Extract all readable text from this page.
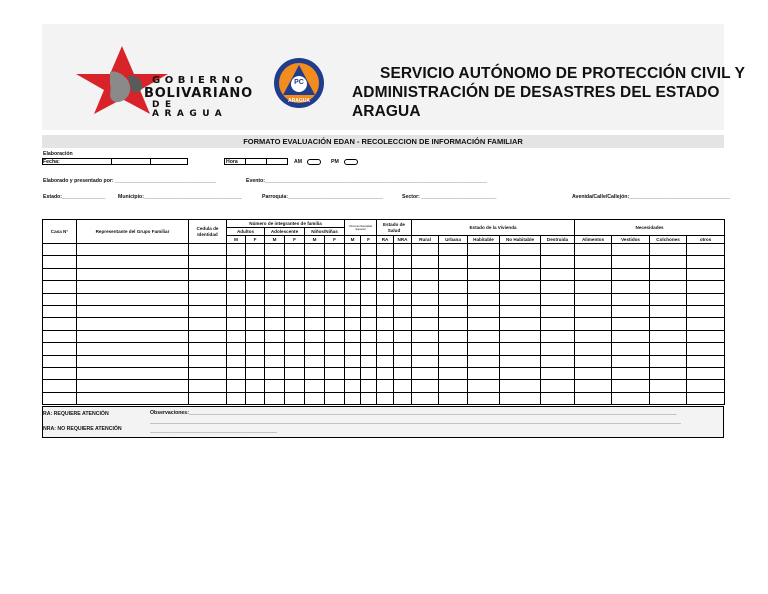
GOBIERNO
BOLIVARIANO
DE ARAGUA
PC
ARAGUA
SERVICIO AUTÓNOMO DE PROTECCIÓN CIVIL Y
ADMINISTRACIÓN DE DESASTRES DEL ESTADO ARAGUA
FORMATO EVALUACIÓN EDAN - RECOLECCION DE INFORMACIÓN FAMILIAR
Elaboración
Fecha:	Hora	AM	PM
Elaborado y presentado por: ___________________________________	Evento:_____________________________________________________________________________
Estado:_______________ Municipio:__________________________________	Parroquia:_________________________________	Sector: __________________________	Avenida/Calle/Callejón:___________________________________
Casa N°	Representante del Grupo Familiar	Cedula de Identidad	Número de integrantes de familia						Persona Necesidad Especial		Estado de Salud		Estado de la Vivienda					Necesidades			
			Adultos		Adolescente		Niños/Niñas														
			M	F	M	F	M	F	M	F	RA	NRA	Rural	Urbana	Habitable	No Habitable	Destruida	Alimentos	Vestidos	Colchones	otros

RA: REQUIERE ATENCIÓN
NRA: NO REQUIERE ATENCIÓN
Observaciones:_________________________________________________________________________________________________________________________________________________________________________
________________________________________________________________________________________________________________________________________________________________________________________
____________________________________________
